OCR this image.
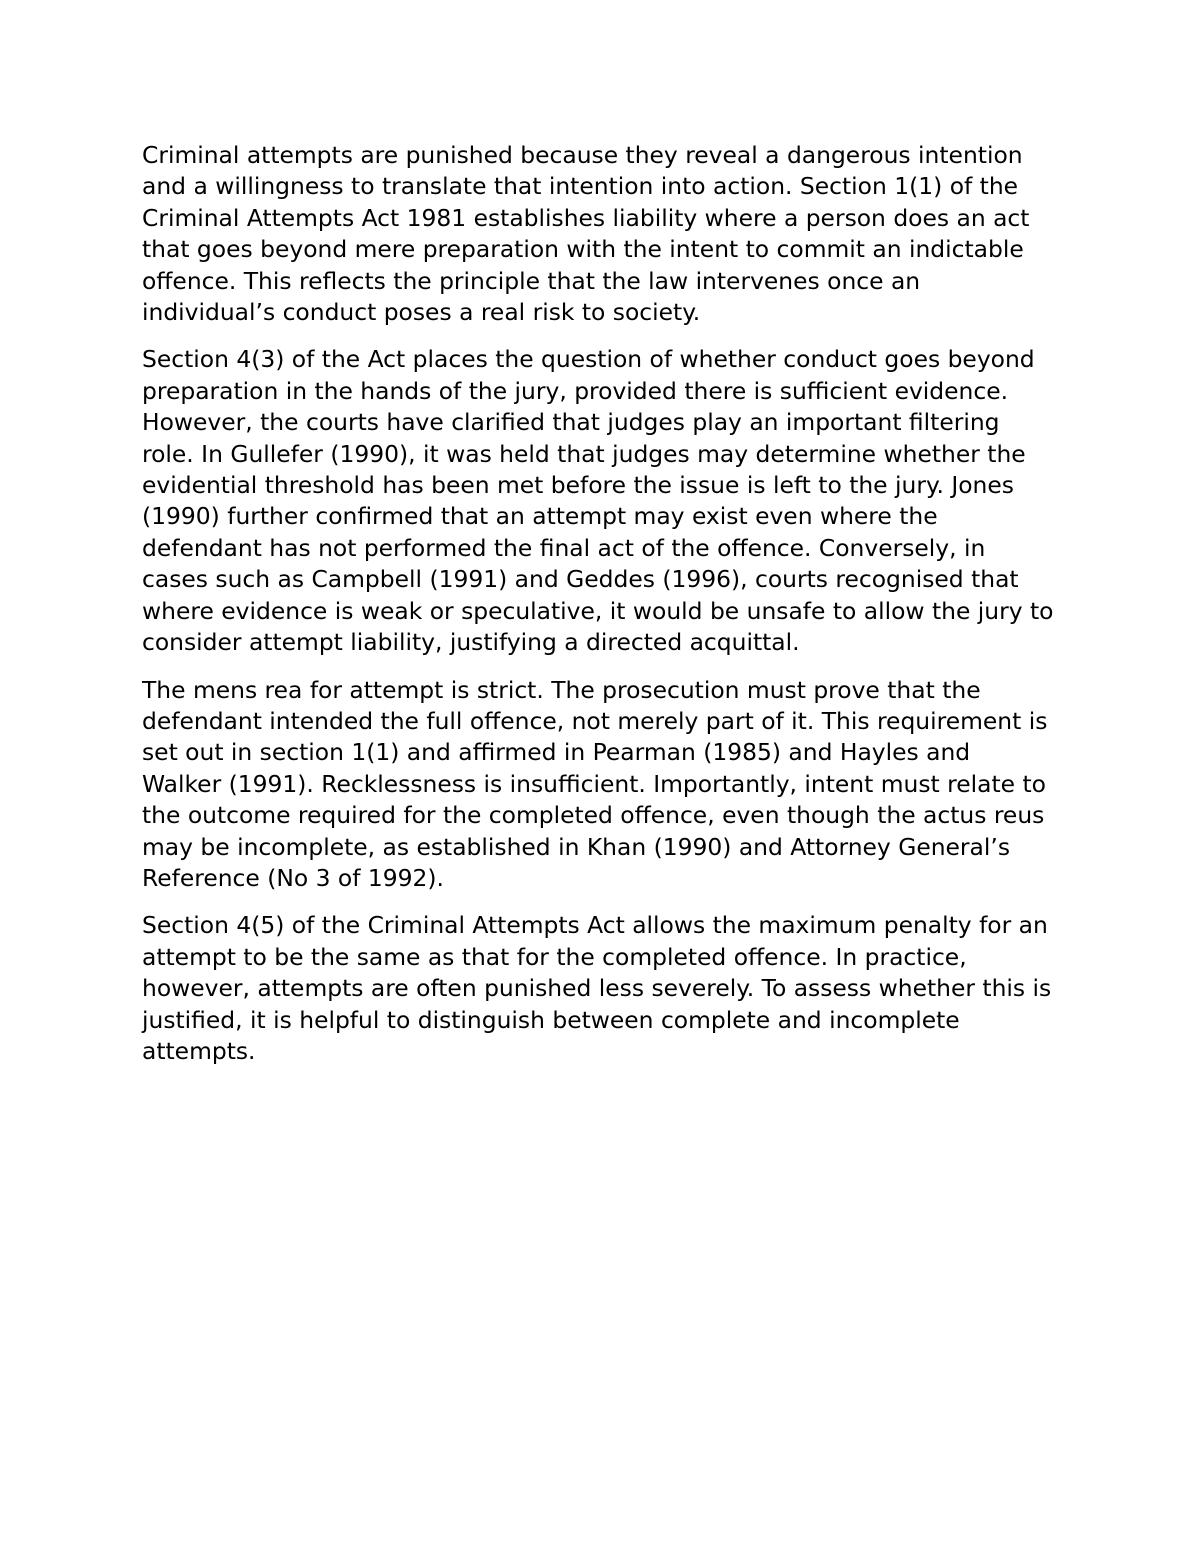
Criminal attempts are punished because they reveal a dangerous intention
and a willingness to translate that intention into action. Section 1(1) of the
Criminal Attempts Act 1981 establishes liability where a person does an act
that goes beyond mere preparation with the intent to commit an indictable
offence. This reflects the principle that the law intervenes once an
individual’s conduct poses a real risk to society.

Section 4(3) of the Act places the question of whether conduct goes beyond
preparation in the hands of the jury, provided there is sufficient evidence.
However, the courts have clarified that judges play an important filtering
role. In Gullefer (1990), it was held that judges may determine whether the
evidential threshold has been met before the issue is left to the jury. Jones
(1990) further confirmed that an attempt may exist even where the
defendant has not performed the final act of the offence. Conversely, in
cases such as Campbell (1991) and Geddes (1996), courts recognised that
where evidence is weak or speculative, it would be unsafe to allow the jury to
consider attempt liability, justifying a directed acquittal.

The mens rea for attempt is strict. The prosecution must prove that the
defendant intended the full offence, not merely part of it. This requirement is
set out in section 1(1) and affirmed in Pearman (1985) and Hayles and
Walker (1991). Recklessness is insufficient. Importantly, intent must relate to
the outcome required for the completed offence, even though the actus reus
may be incomplete, as established in Khan (1990) and Attorney General’s
Reference (No 3 of 1992).

Section 4(5) of the Criminal Attempts Act allows the maximum penalty for an
attempt to be the same as that for the completed offence. In practice,
however, attempts are often punished less severely. To assess whether this is
justified, it is helpful to distinguish between complete and incomplete
attempts.
